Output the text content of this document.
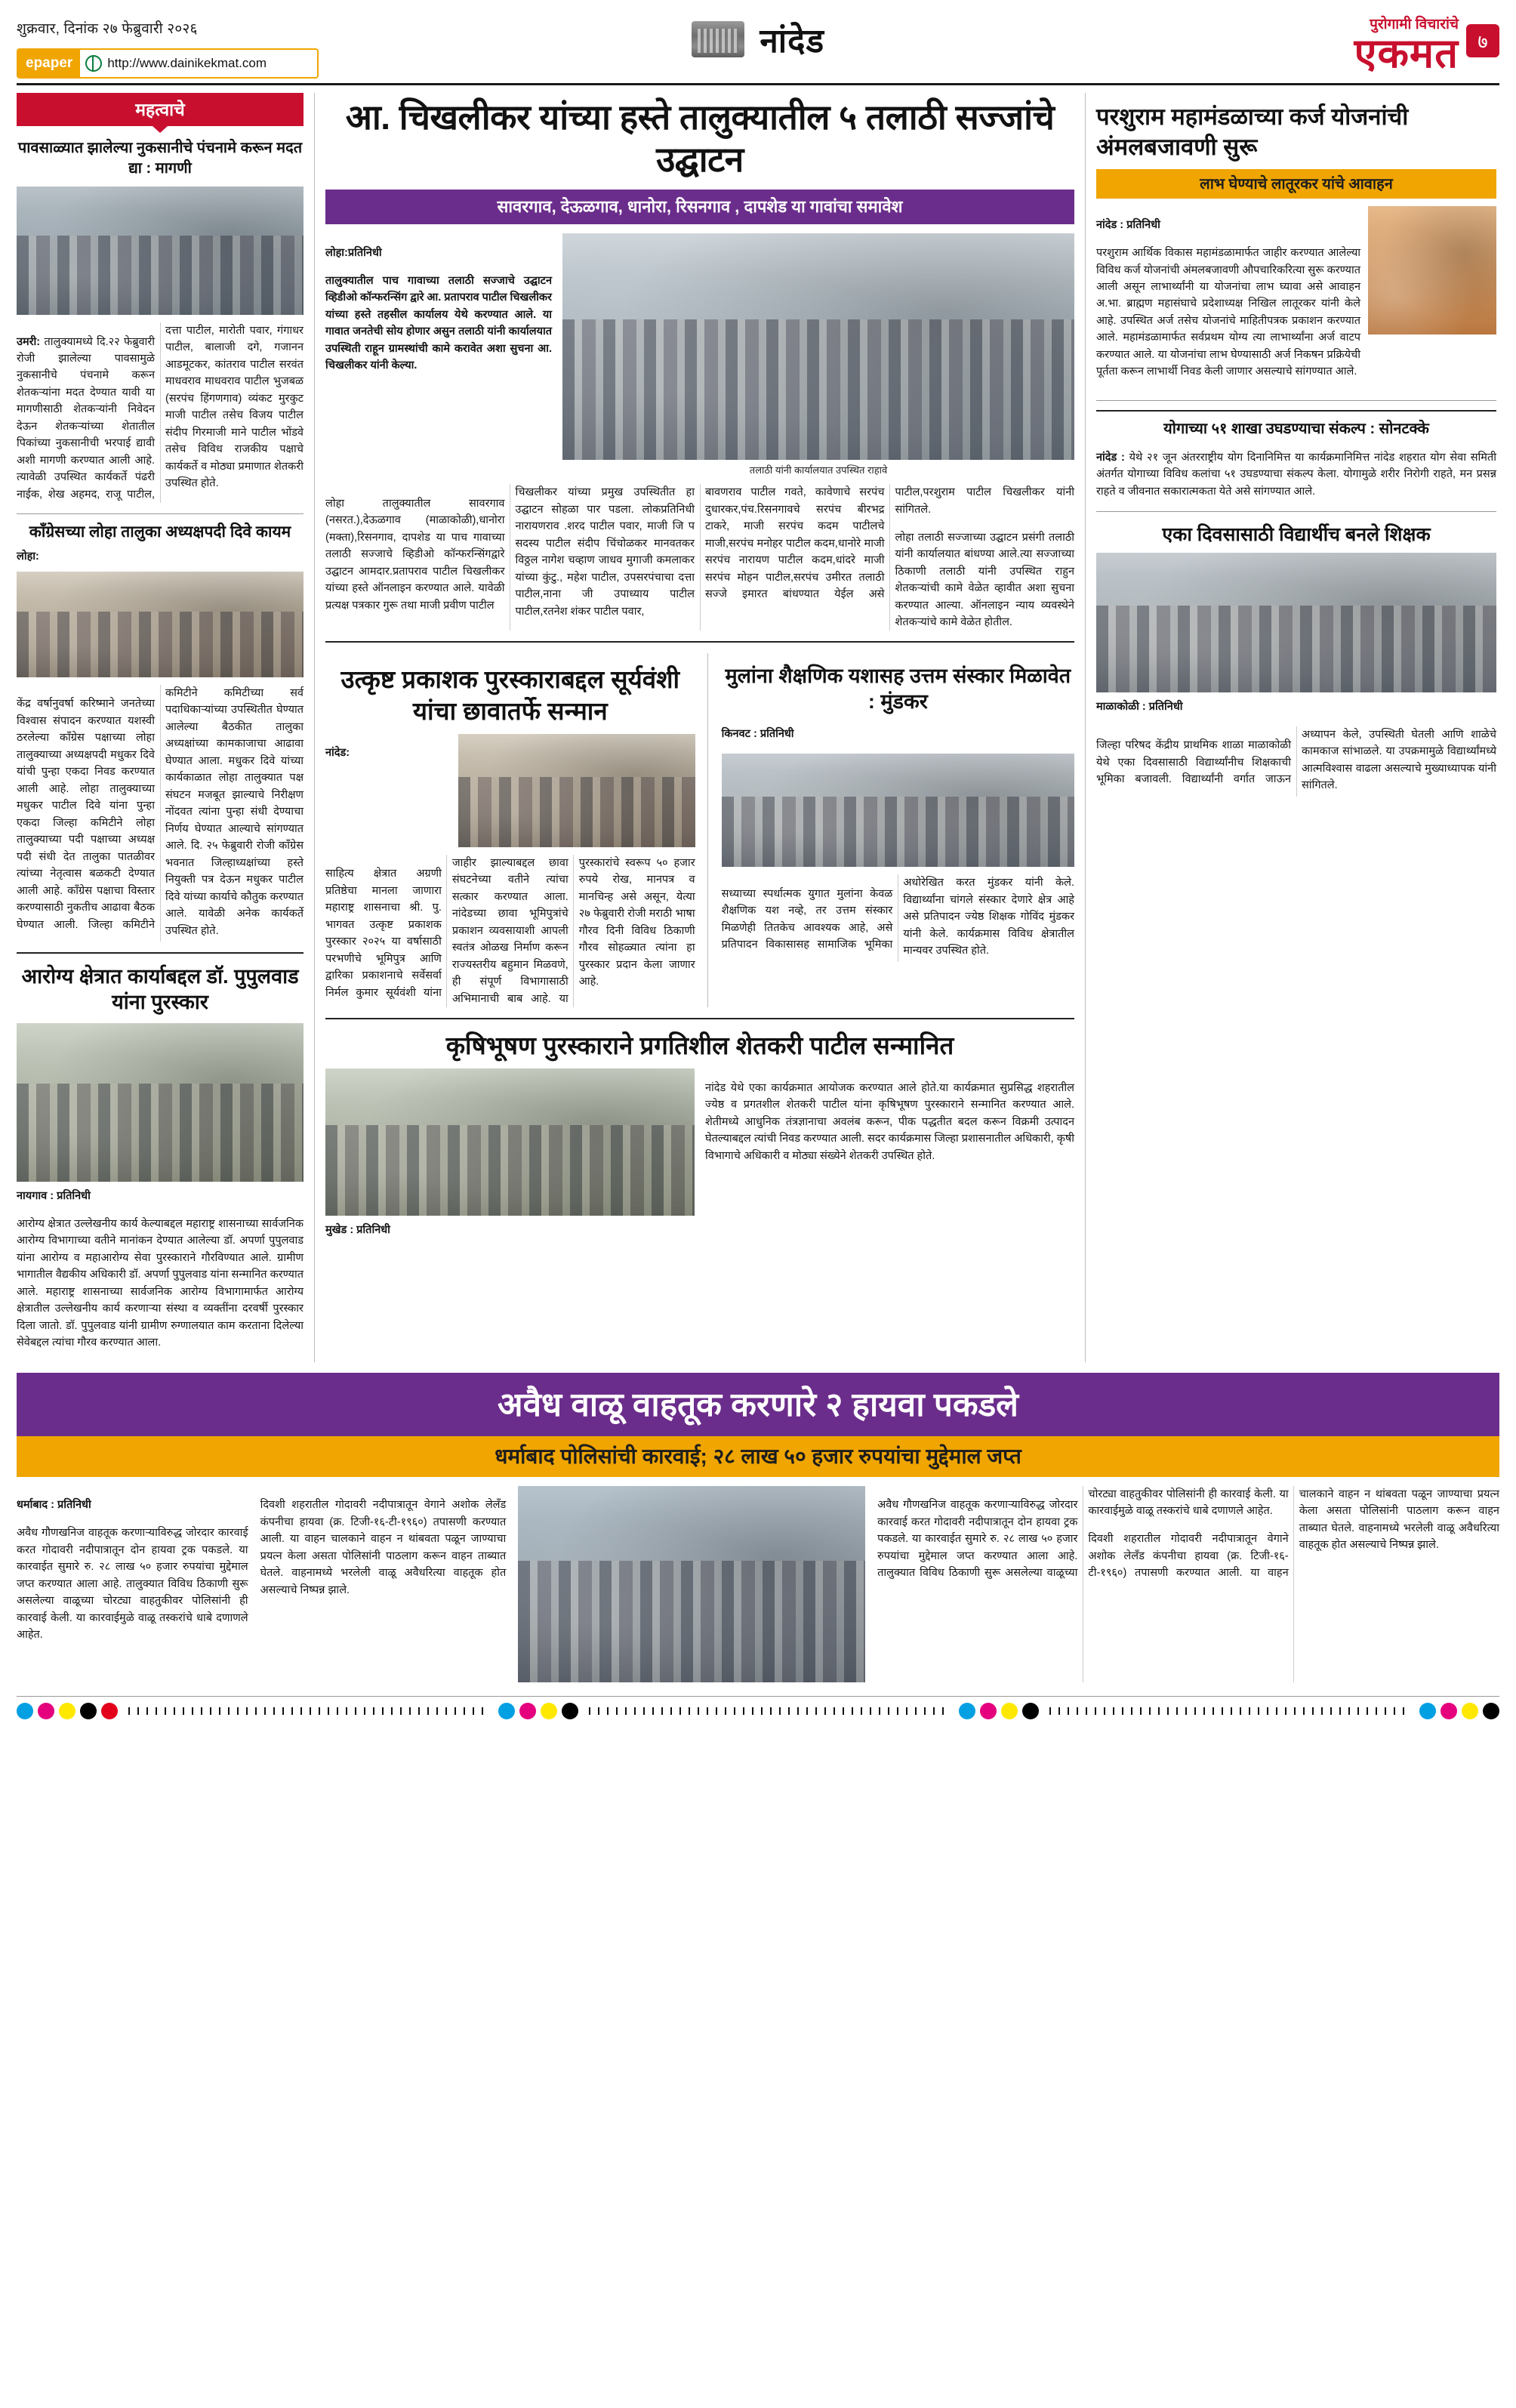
शुक्रवार, दिनांक २७ फेब्रुवारी २०२६
epaper	http://www.dainikekmat.com
नांदेड	पुरोगामी विचारांचे
एकमत ७
महत्वाचे
पावसाळ्यात झालेल्या नुकसानीचे पंचनामे करून मदत द्या : मागणी

उमरी: तालुक्यामध्ये दि.२२ फेब्रुवारी रोजी झालेल्या पावसामुळे नुकसानीचे पंचनामे करून शेतकऱ्यांना मदत देण्यात यावी या मागणीसाठी शेतकऱ्यांनी निवेदन देऊन शेतकऱ्यांच्या शेतातील पिकांच्या नुकसानीची भरपाई द्यावी अशी मागणी करण्यात आली आहे. त्यावेळी उपस्थित कार्यकर्ते पंढरी नाईक, शेख अहमद, राजू पाटील, दत्ता पाटील, मारोती पवार, गंगाधर पाटील, बालाजी दगे, गजानन आडमूटकर, कांतराव पाटील सरवंत माधवराव माधवराव पाटील भुजबळ (सरपंच हिंगणगाव) व्यंकट मुरकुट माजी पाटील तसेच विजय पाटील संदीप गिरमाजी माने पाटील भोंडवे तसेच विविध राजकीय पक्षाचे कार्यकर्ते व मोठ्या प्रमाणात शेतकरी उपस्थित होते.

काँग्रेसच्या लोहा तालुका अध्यक्षपदी दिवे कायम

लोहा:

केंद्र वर्षानुवर्षा करिष्माने जनतेच्या विश्वास संपादन करण्यात यशस्वी ठरलेल्या काँग्रेस पक्षाच्या लोहा तालुक्याच्या अध्यक्षपदी मधुकर दिवे यांची पुन्हा एकदा निवड करण्यात आली आहे. लोहा तालुक्याच्या मधुकर पाटील दिवे यांना पुन्हा एकदा जिल्हा कमिटीने लोहा तालुक्याच्या पदी पक्षाच्या अध्यक्ष पदी संधी देत तालुका पातळीवर त्यांच्या नेतृत्वास बळकटी देण्यात आली आहे. काँग्रेस पक्षाचा विस्तार करण्यासाठी नुकतीच आढावा बैठक घेण्यात आली. जिल्हा कमिटीने कमिटीने कमिटीच्या सर्व पदाधिकाऱ्यांच्या उपस्थितीत घेण्यात आलेल्या बैठकीत तालुका अध्यक्षांच्या कामकाजाचा आढावा घेण्यात आला. मधुकर दिवे यांच्या कार्यकाळात लोहा तालुक्यात पक्ष संघटन मजबूत झाल्याचे निरीक्षण नोंदवत त्यांना पुन्हा संधी देण्याचा निर्णय घेण्यात आल्याचे सांगण्यात आले. दि. २५ फेब्रुवारी रोजी काँग्रेस भवनात जिल्हाध्यक्षांच्या हस्ते नियुक्ती पत्र देऊन मधुकर पाटील दिवे यांच्या कार्याचे कौतुक करण्यात आले. यावेळी अनेक कार्यकर्ते उपस्थित होते.

आरोग्य क्षेत्रात कार्याबद्दल डॉ. पुपुलवाड यांना पुरस्कार

नायगाव : प्रतिनिधी

आरोग्य क्षेत्रात उल्लेखनीय कार्य केल्याबद्दल महाराष्ट्र शासनाच्या सार्वजनिक आरोग्य विभागाच्या वतीने मानांकन देण्यात आलेल्या डॉ. अपर्णा पुपुलवाड यांना आरोग्य व महाआरोग्य सेवा पुरस्काराने गौरविण्यात आले. ग्रामीण भागातील वैद्यकीय अधिकारी डॉ. अपर्णा पुपुलवाड यांना सन्मानित करण्यात आले. महाराष्ट्र शासनाच्या सार्वजनिक आरोग्य विभागामार्फत आरोग्य क्षेत्रातील उल्लेखनीय कार्य करणाऱ्या संस्था व व्यक्तींना दरवर्षी पुरस्कार दिला जातो. डॉ. पुपुलवाड यांनी ग्रामीण रुग्णालयात काम करताना दिलेल्या सेवेबद्दल त्यांचा गौरव करण्यात आला.

आ. चिखलीकर यांच्या हस्ते तालुक्यातील ५ तलाठी सज्जांचे उद्घाटन
सावरगाव, देऊळगाव, धानोरा, रिसनगाव , दापशेड या गावांचा समावेश

लोहा:प्रतिनिधी

तालुक्यातील पाच गावाच्या तलाठी सज्जाचे उद्घाटन व्हिडीओ कॉन्फरन्सिंग द्वारे आ. प्रतापराव पाटील चिखलीकर यांच्या हस्ते तहसील कार्यालय येथे करण्यात आले. या गावात जनतेची सोय होणार असुन तलाठी यांनी कार्यालयात उपस्थिती राहून ग्रामस्थांची कामे करावेत अशा सुचना आ. चिखलीकर यांनी केल्या.

तलाठी यांनी कार्यालयात उपस्थित राहावे

लोहा तालुक्यातील सावरगाव (नसरत.),देऊळगाव (माळाकोळी),धानोरा (मक्ता),रिसनगाव, दापशेड या पाच गावाच्या तलाठी सज्जाचे व्हिडीओ कॉन्फरन्सिंगद्वारे उद्घाटन आमदार.प्रतापराव पाटील चिखलीकर यांच्या हस्ते ऑनलाइन करण्यात आले. यावेळी प्रत्यक्ष पत्रकार गुरू तथा माजी प्रवीण पाटील

चिखलीकर यांच्या प्रमुख उपस्थितीत हा उद्घाटन सोहळा पार पडला. लोकप्रतिनिधी नारायणराव .शरद पाटील पवार, माजी जि प सदस्य पाटील संदीप चिंचोळकर मानवतकर विठ्ठल नागेश चव्हाण जाधव मुगाजी कमलाकर यांच्या कुंटु., महेश पाटील, उपसरपंचाचा दत्ता पाटील,नाना जी उपाध्याय पाटील पाटील,रतनेश शंकर पाटील पवार,

बावणराव पाटील गवते, कावेणाचे सरपंच दुधारकर,पंच.रिसनगावचे सरपंच बीरभद्र टाकरे, माजी सरपंच कदम पाटीलचे माजी,सरपंच मनोहर पाटील कदम,धानोरे माजी सरपंच नारायण पाटील कदम,धांदरे माजी सरपंच मोहन पाटील,सरपंच उमीरत तलाठी सज्जे इमारत बांधण्यात येईल असे पाटील,परशुराम पाटील चिखलीकर यांनी सांगितले.

लोहा तलाठी सज्जाच्या उद्घाटन प्रसंगी तलाठी यांनी कार्यालयात बांधण्या आले.त्या सज्जाच्या ठिकाणी तलाठी यांनी उपस्थित राहुन शेतकऱ्यांची कामे वेळेत व्हावीत अशा सुचना करण्यात आल्या. ऑनलाइन न्याय व्यवस्थेने शेतकऱ्यांचे कामे वेळेत होतील.

उत्कृष्ट प्रकाशक पुरस्काराबद्दल सूर्यवंशी यांचा छावातर्फे सन्मान

नांदेड:

साहित्य क्षेत्रात अग्रणी प्रतिष्ठेचा मानला जाणारा महाराष्ट्र शासनाचा श्री. पु. भागवत उत्कृष्ट प्रकाशक पुरस्कार २०२५ या वर्षासाठी परभणीचे भूमिपुत्र आणि द्वारिका प्रकाशनाचे सर्वेसर्वा निर्मल कुमार सूर्यवंशी यांना जाहीर झाल्याबद्दल छावा संघटनेच्या वतीने त्यांचा सत्कार करण्यात आला. नांदेडच्या छावा भूमिपुत्रांचे प्रकाशन व्यवसायाशी आपली स्वतंत्र ओळख निर्माण करून राज्यस्तरीय बहुमान मिळवणे, ही संपूर्ण विभागासाठी अभिमानाची बाब आहे. या पुरस्कारांचे स्वरूप ५० हजार रुपये रोख, मानपत्र व मानचिन्ह असे असून, येत्या २७ फेब्रुवारी रोजी मराठी भाषा गौरव दिनी विविध ठिकाणी गौरव सोहळ्यात त्यांना हा पुरस्कार प्रदान केला जाणार आहे.

मुलांना शैक्षणिक यशासह उत्तम संस्कार मिळावेत : मुंडकर

किनवट : प्रतिनिधी

सध्याच्या स्पर्धात्मक युगात मुलांना केवळ शैक्षणिक यश नव्हे, तर उत्तम संस्कार मिळणेही तितकेच आवश्यक आहे, असे प्रतिपादन विकासासह सामाजिक भूमिका अधोरेखित करत मुंडकर यांनी केले. विद्यार्थ्यांना चांगले संस्कार देणारे क्षेत्र आहे असे प्रतिपादन ज्येष्ठ शिक्षक गोविंद मुंडकर यांनी केले. कार्यक्रमास विविध क्षेत्रातील मान्यवर उपस्थित होते.

कृषिभूषण पुरस्काराने प्रगतिशील शेतकरी पाटील सन्मानित

मुखेड : प्रतिनिधी

नांदेड येथे एका कार्यक्रमात आयोजक करण्यात आले होते.या कार्यक्रमात सुप्रसिद्ध शहरातील ज्येष्ठ व प्रगतशील शेतकरी पाटील यांना कृषिभूषण पुरस्काराने सन्मानित करण्यात आले. शेतीमध्ये आधुनिक तंत्रज्ञानाचा अवलंब करून, पीक पद्धतीत बदल करून विक्रमी उत्पादन घेतल्याबद्दल त्यांची निवड करण्यात आली. सदर कार्यक्रमास जिल्हा प्रशासनातील अधिकारी, कृषी विभागाचे अधिकारी व मोठ्या संख्येने शेतकरी उपस्थित होते.

परशुराम महामंडळाच्या कर्ज योजनांची अंमलबजावणी सुरू
लाभ घेण्याचे लातूरकर यांचे आवाहन

नांदेड : प्रतिनिधी

परशुराम आर्थिक विकास महामंडळामार्फत जाहीर करण्यात आलेल्या विविध कर्ज योजनांची अंमलबजावणी औपचारिकरित्या सुरू करण्यात आली असून लाभार्थ्यांनी या योजनांचा लाभ घ्यावा असे आवाहन अ.भा. ब्राह्मण महासंघाचे प्रदेशाध्यक्ष निखिल लातूरकर यांनी केले आहे. उपस्थित अर्ज तसेच योजनांचे माहितीपत्रक प्रकाशन करण्यात आले. महामंडळामार्फत सर्वप्रथम योग्य त्या लाभार्थ्यांना अर्ज वाटप करण्यात आले. या योजनांचा लाभ घेण्यासाठी अर्ज निकषन प्रक्रियेची पूर्तता करून लाभार्थी निवड केली जाणार असल्याचे सांगण्यात आले.

योगाच्या ५१ शाखा उघडण्याचा संकल्प : सोनटक्के

नांदेड : येथे २१ जून अंतरराष्ट्रीय योग दिनानिमित्त या कार्यक्रमानिमित्त नांदेड शहरात योग सेवा समिती अंतर्गत योगाच्या विविध कलांचा ५१ उघडण्याचा संकल्प केला. योगामुळे शरीर निरोगी राहते, मन प्रसन्न राहते व जीवनात सकारात्मकता येते असे सांगण्यात आले.

एका दिवसासाठी विद्यार्थीच बनले शिक्षक

माळाकोळी : प्रतिनिधी

जिल्हा परिषद केंद्रीय प्राथमिक शाळा माळाकोळी येथे एका दिवसासाठी विद्यार्थ्यांनीच शिक्षकाची भूमिका बजावली. विद्यार्थ्यांनी वर्गात जाऊन अध्यापन केले, उपस्थिती घेतली आणि शाळेचे कामकाज सांभाळले. या उपक्रमामुळे विद्यार्थ्यांमध्ये आत्मविश्वास वाढला असल्याचे मुख्याध्यापक यांनी सांगितले.

अवैध वाळू वाहतूक करणारे २ हायवा पकडले
धर्माबाद पोलिसांची कारवाई; २८ लाख ५० हजार रुपयांचा मुद्देमाल जप्त

धर्माबाद : प्रतिनिधी

अवैध गौणखनिज वाहतूक करणाऱ्याविरुद्ध जोरदार कारवाई करत गोदावरी नदीपात्रातून दोन हायवा ट्रक पकडले. या कारवाईत सुमारे रु. २८ लाख ५० हजार रुपयांचा मुद्देमाल जप्त करण्यात आला आहे. तालुक्यात विविध ठिकाणी सुरू असलेल्या वाळूच्या चोरट्या वाहतुकीवर पोलिसांनी ही कारवाई केली. या कारवाईमुळे वाळू तस्करांचे धाबे दणाणले आहेत.

दिवशी शहरातील गोदावरी नदीपात्रातून वेगाने अशोक लेलँड कंपनीचा हायवा (क्र. टिजी-१६-टी-१९६०) तपासणी करण्यात आली. या वाहन चालकाने वाहन न थांबवता पळून जाण्याचा प्रयत्न केला असता पोलिसांनी पाठलाग करून वाहन ताब्यात घेतले. वाहनामध्ये भरलेली वाळू अवैधरित्या वाहतूक होत असल्याचे निष्पन्न झाले.

अवैध गौणखनिज वाहतूक करणाऱ्याविरुद्ध जोरदार कारवाई करत गोदावरी नदीपात्रातून दोन हायवा ट्रक पकडले. या कारवाईत सुमारे रु. २८ लाख ५० हजार रुपयांचा मुद्देमाल जप्त करण्यात आला आहे. तालुक्यात विविध ठिकाणी सुरू असलेल्या वाळूच्या चोरट्या वाहतुकीवर पोलिसांनी ही कारवाई केली. या कारवाईमुळे वाळू तस्करांचे धाबे दणाणले आहेत.

दिवशी शहरातील गोदावरी नदीपात्रातून वेगाने अशोक लेलँड कंपनीचा हायवा (क्र. टिजी-१६-टी-१९६०) तपासणी करण्यात आली. या वाहन चालकाने वाहन न थांबवता पळून जाण्याचा प्रयत्न केला असता पोलिसांनी पाठलाग करून वाहन ताब्यात घेतले. वाहनामध्ये भरलेली वाळू अवैधरित्या वाहतूक होत असल्याचे निष्पन्न झाले.
